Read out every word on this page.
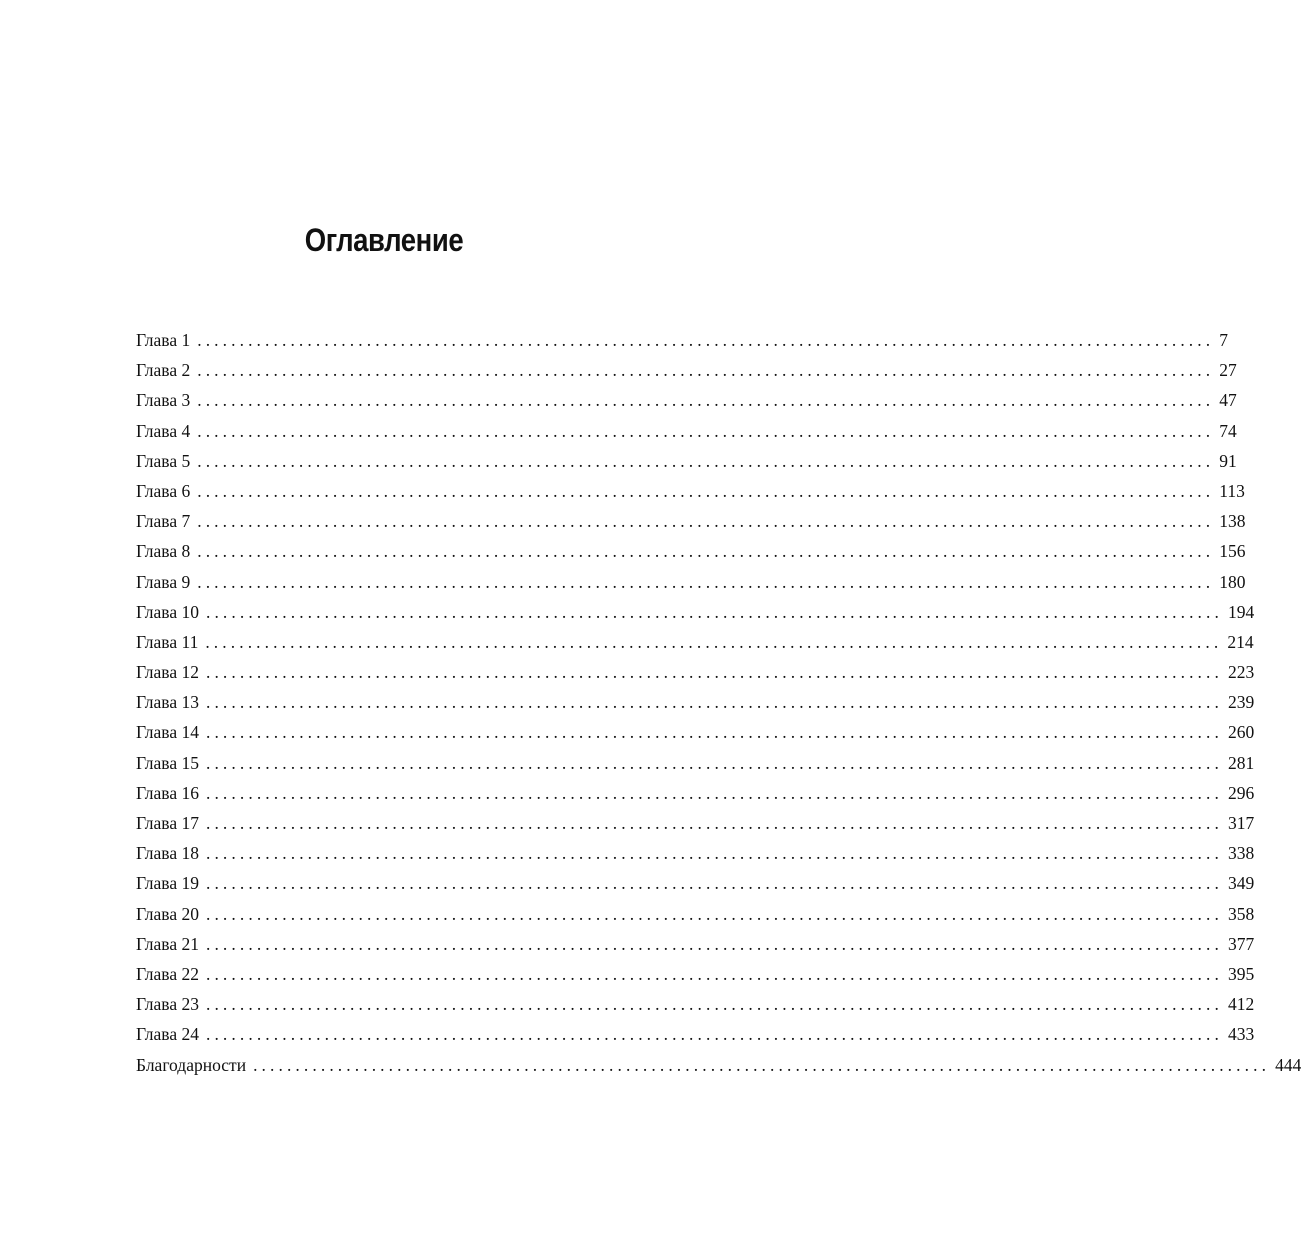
Оглавление
Глава 1 ........................................................................................................................ 7
Глава 2 ........................................................................................................................ 27
Глава 3 ........................................................................................................................ 47
Глава 4 ........................................................................................................................ 74
Глава 5 ........................................................................................................................ 91
Глава 6 ........................................................................................................................ 113
Глава 7 ........................................................................................................................ 138
Глава 8 ........................................................................................................................ 156
Глава 9 ........................................................................................................................ 180
Глава 10 ........................................................................................................................ 194
Глава 11 ........................................................................................................................ 214
Глава 12 ........................................................................................................................ 223
Глава 13 ........................................................................................................................ 239
Глава 14 ........................................................................................................................ 260
Глава 15 ........................................................................................................................ 281
Глава 16 ........................................................................................................................ 296
Глава 17 ........................................................................................................................ 317
Глава 18 ........................................................................................................................ 338
Глава 19 ........................................................................................................................ 349
Глава 20 ........................................................................................................................ 358
Глава 21 ........................................................................................................................ 377
Глава 22 ........................................................................................................................ 395
Глава 23 ........................................................................................................................ 412
Глава 24 ........................................................................................................................ 433
Благодарности ........................................................................................................................ 444
